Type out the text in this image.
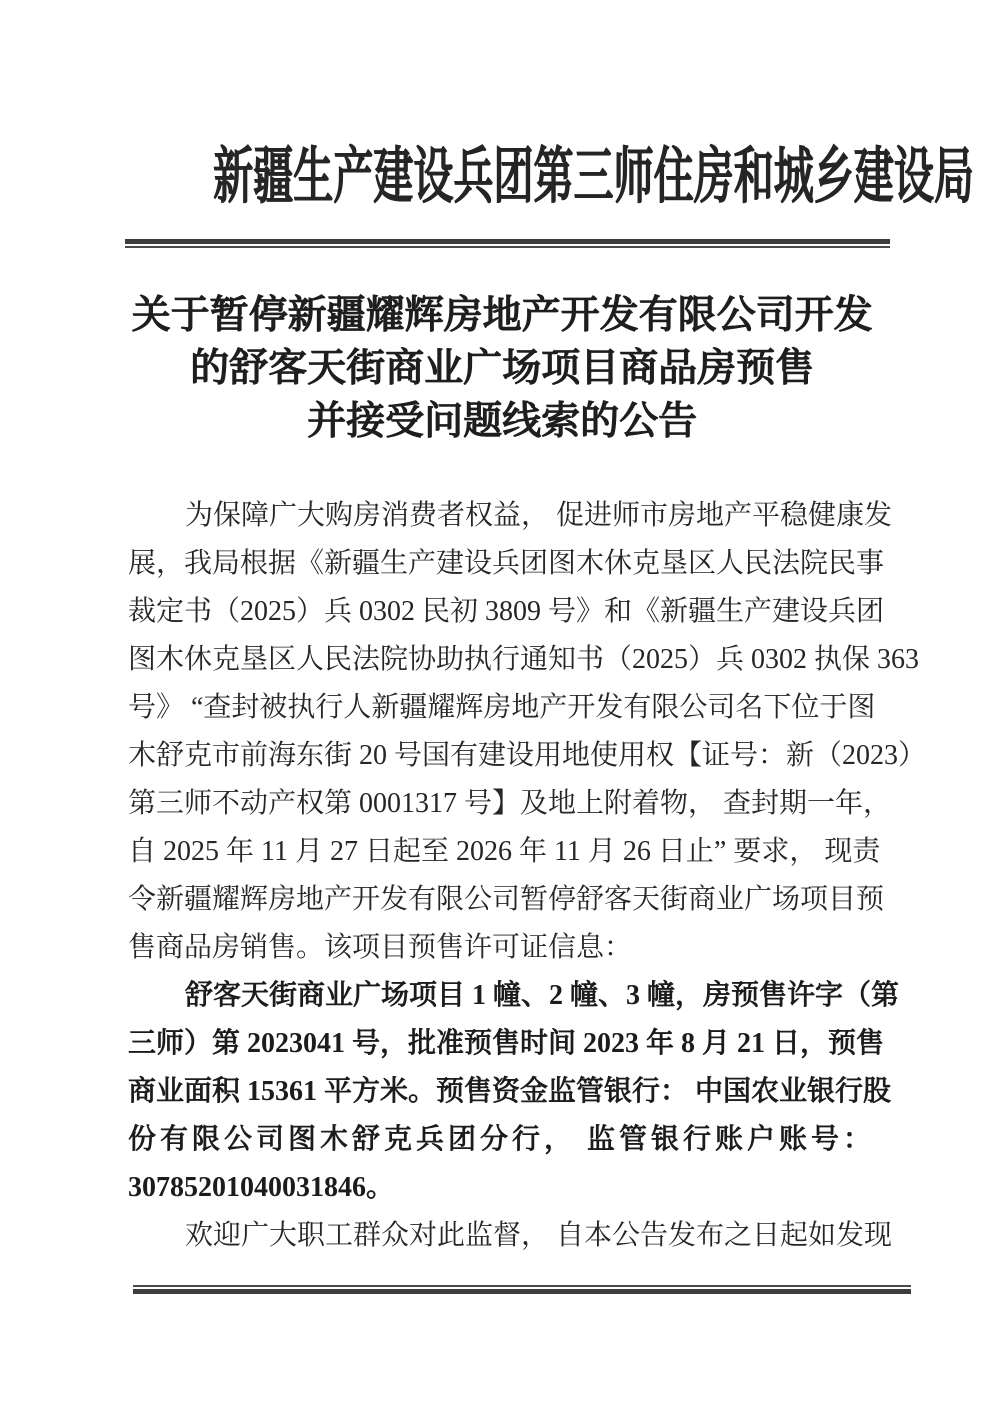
新疆生产建设兵团第三师住房和城乡建设局
关于暂停新疆耀辉房地产开发有限公司开发
的舒客天街商业广场项目商品房预售
并接受问题线索的公告
为保障广大购房消费者权益， 促进师市房地产平稳健康发
展，我局根据《新疆生产建设兵团图木休克垦区人民法院民事
裁定书（2025）兵 0302 民初 3809 号》和《新疆生产建设兵团
图木休克垦区人民法院协助执行通知书（2025）兵 0302 执保 363
号》 “查封被执行人新疆耀辉房地产开发有限公司名下位于图
木舒克市前海东街 20 号国有建设用地使用权【证号：新（2023）
第三师不动产权第 0001317 号】及地上附着物， 查封期一年，
自 2025 年 11 月 27 日起至 2026 年 11 月 26 日止” 要求， 现责
令新疆耀辉房地产开发有限公司暂停舒客天街商业广场项目预
售商品房销售。该项目预售许可证信息：
舒客天街商业广场项目 1 幢、2 幢、3 幢，房预售许字（第
三师）第 2023041 号，批准预售时间 2023 年 8 月 21 日，预售
商业面积 15361 平方米。预售资金监管银行： 中国农业银行股
份有限公司图木舒克兵团分行， 监管银行账户账号：
30785201040031846。
欢迎广大职工群众对此监督， 自本公告发布之日起如发现
